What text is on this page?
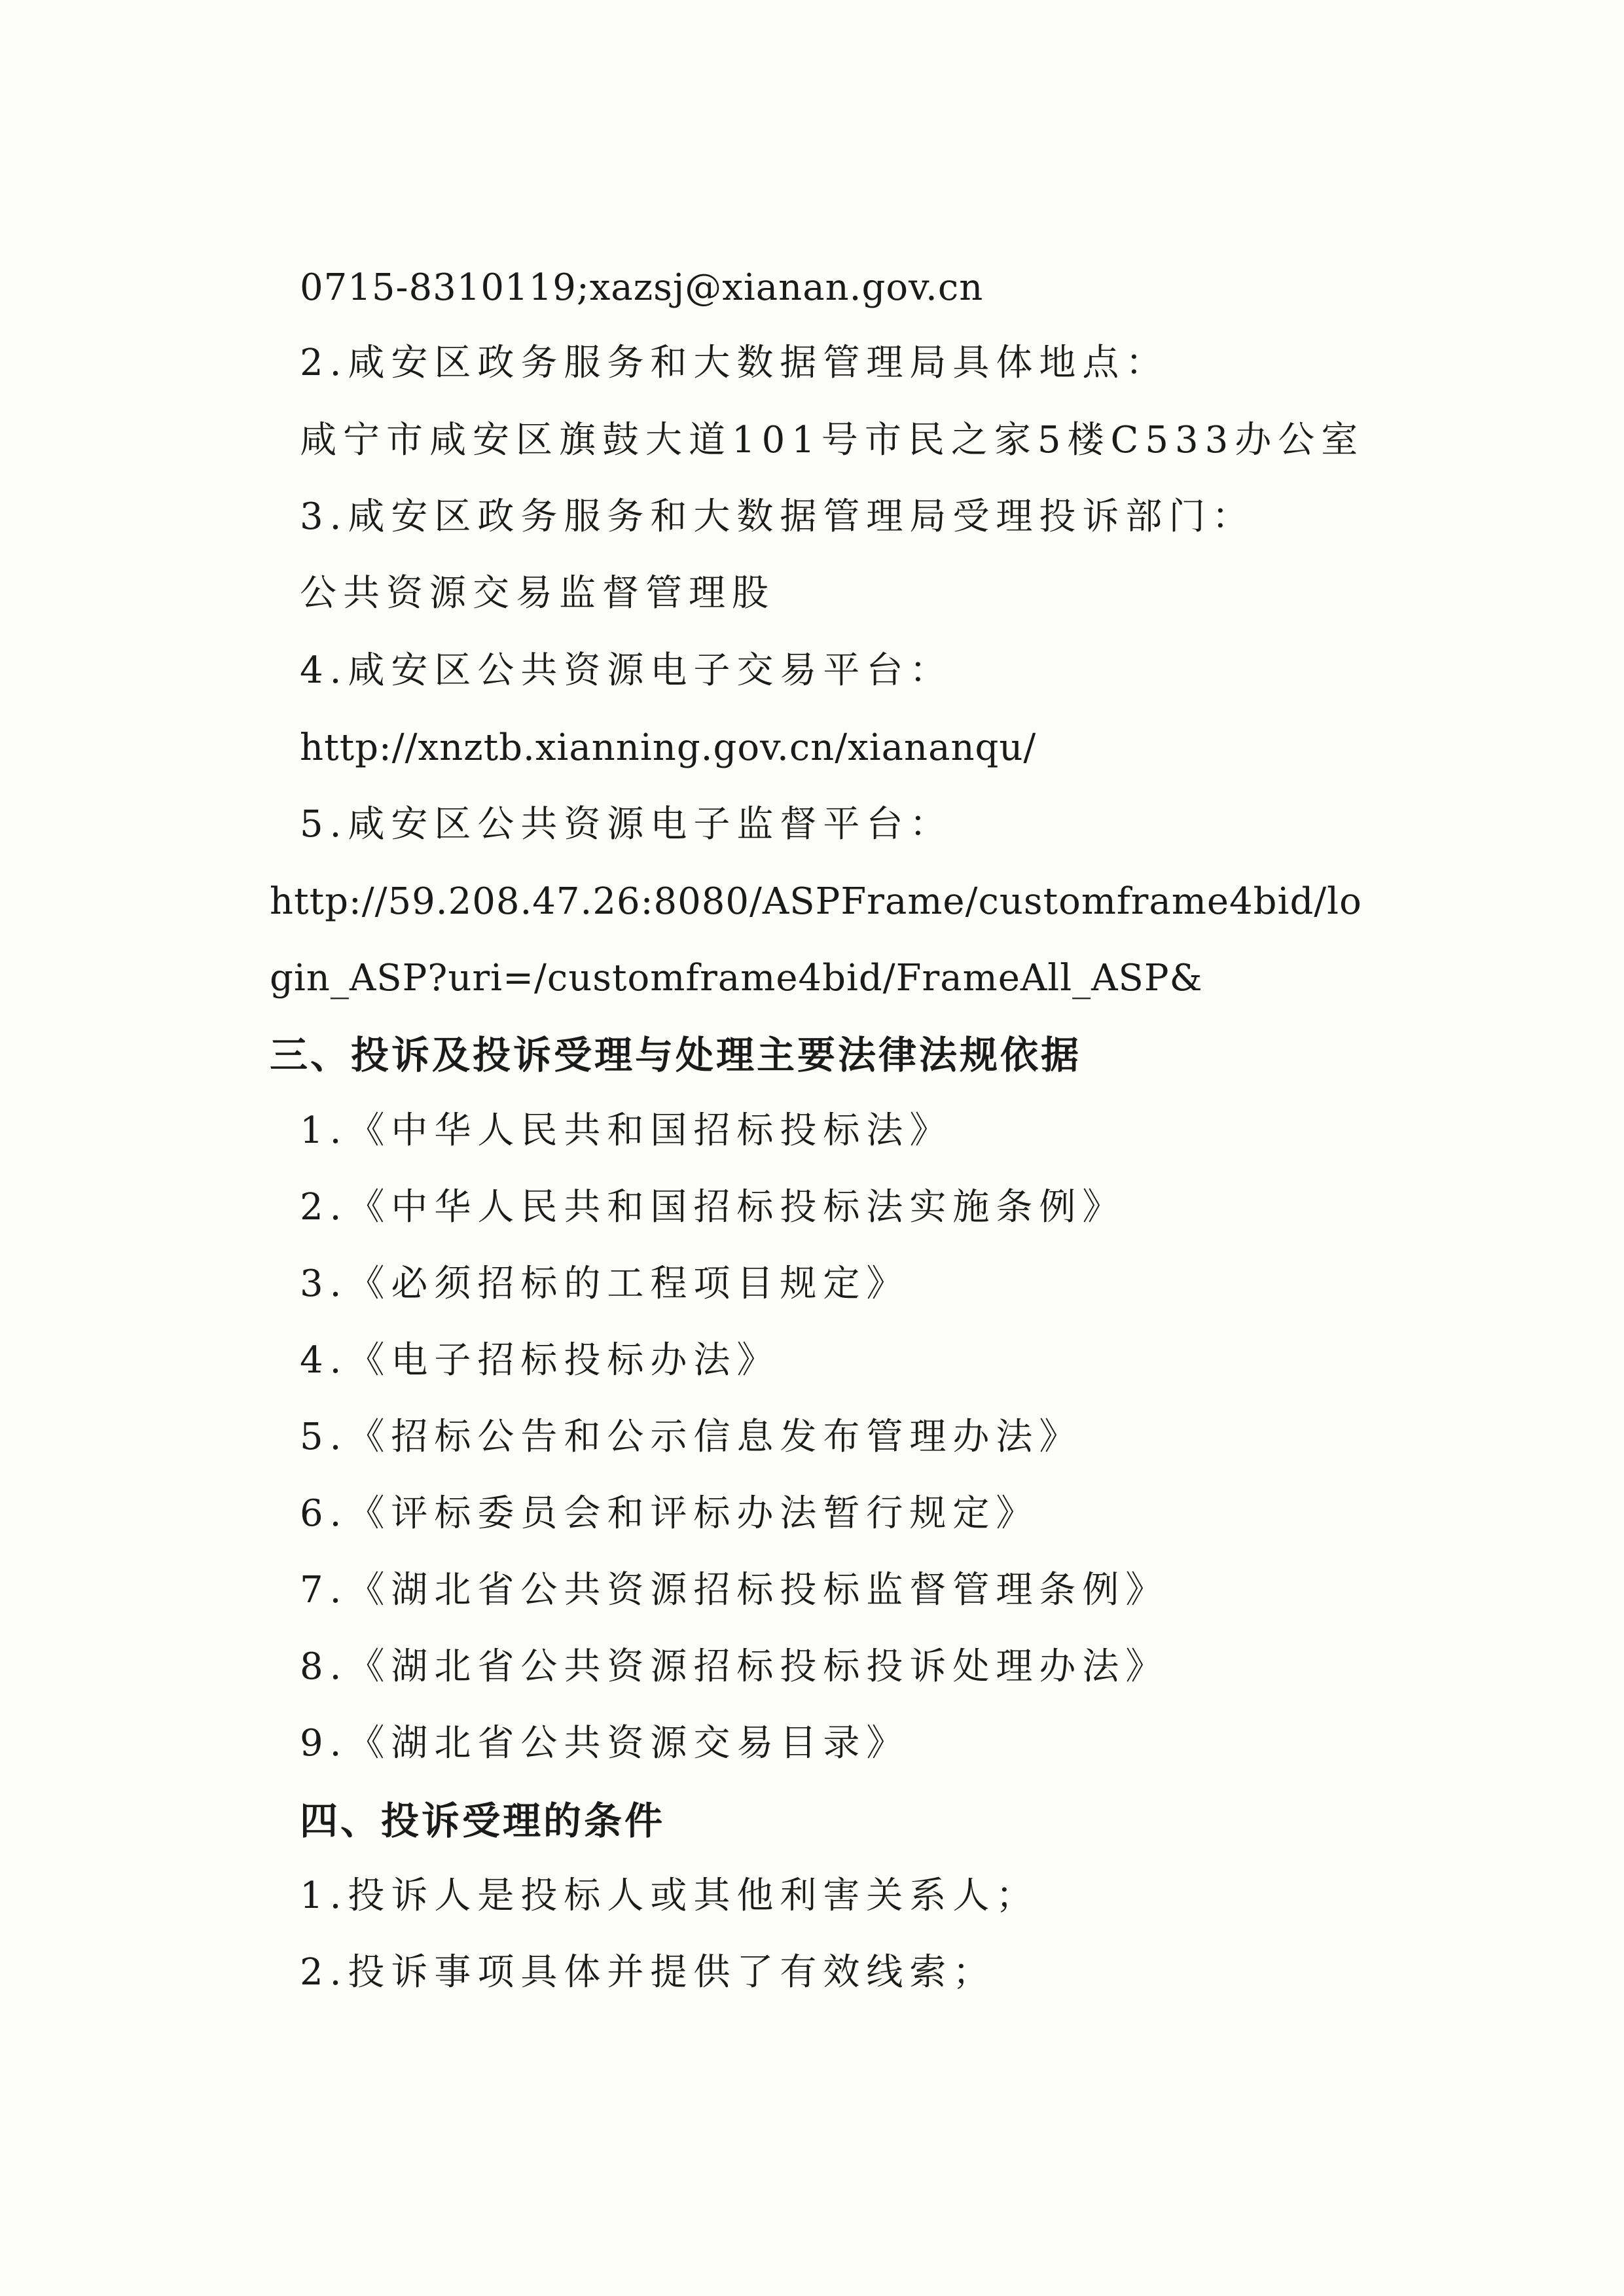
0715-8310119;xazsj@xianan.gov.cn
2.咸安区政务服务和大数据管理局具体地点：
咸宁市咸安区旗鼓大道101号市民之家5楼C533办公室
3.咸安区政务服务和大数据管理局受理投诉部门：
公共资源交易监督管理股
4.咸安区公共资源电子交易平台：
http://xnztb.xianning.gov.cn/xiananqu/
5.咸安区公共资源电子监督平台：
http://59.208.47.26:8080/ASPFrame/customframe4bid/lo
gin_ASP?uri=/customframe4bid/FrameAll_ASP&
三、投诉及投诉受理与处理主要法律法规依据
1.《中华人民共和国招标投标法》
2.《中华人民共和国招标投标法实施条例》
3.《必须招标的工程项目规定》
4.《电子招标投标办法》
5.《招标公告和公示信息发布管理办法》
6.《评标委员会和评标办法暂行规定》
7.《湖北省公共资源招标投标监督管理条例》
8.《湖北省公共资源招标投标投诉处理办法》
9.《湖北省公共资源交易目录》
四、投诉受理的条件
1.投诉人是投标人或其他利害关系人；
2.投诉事项具体并提供了有效线索；
